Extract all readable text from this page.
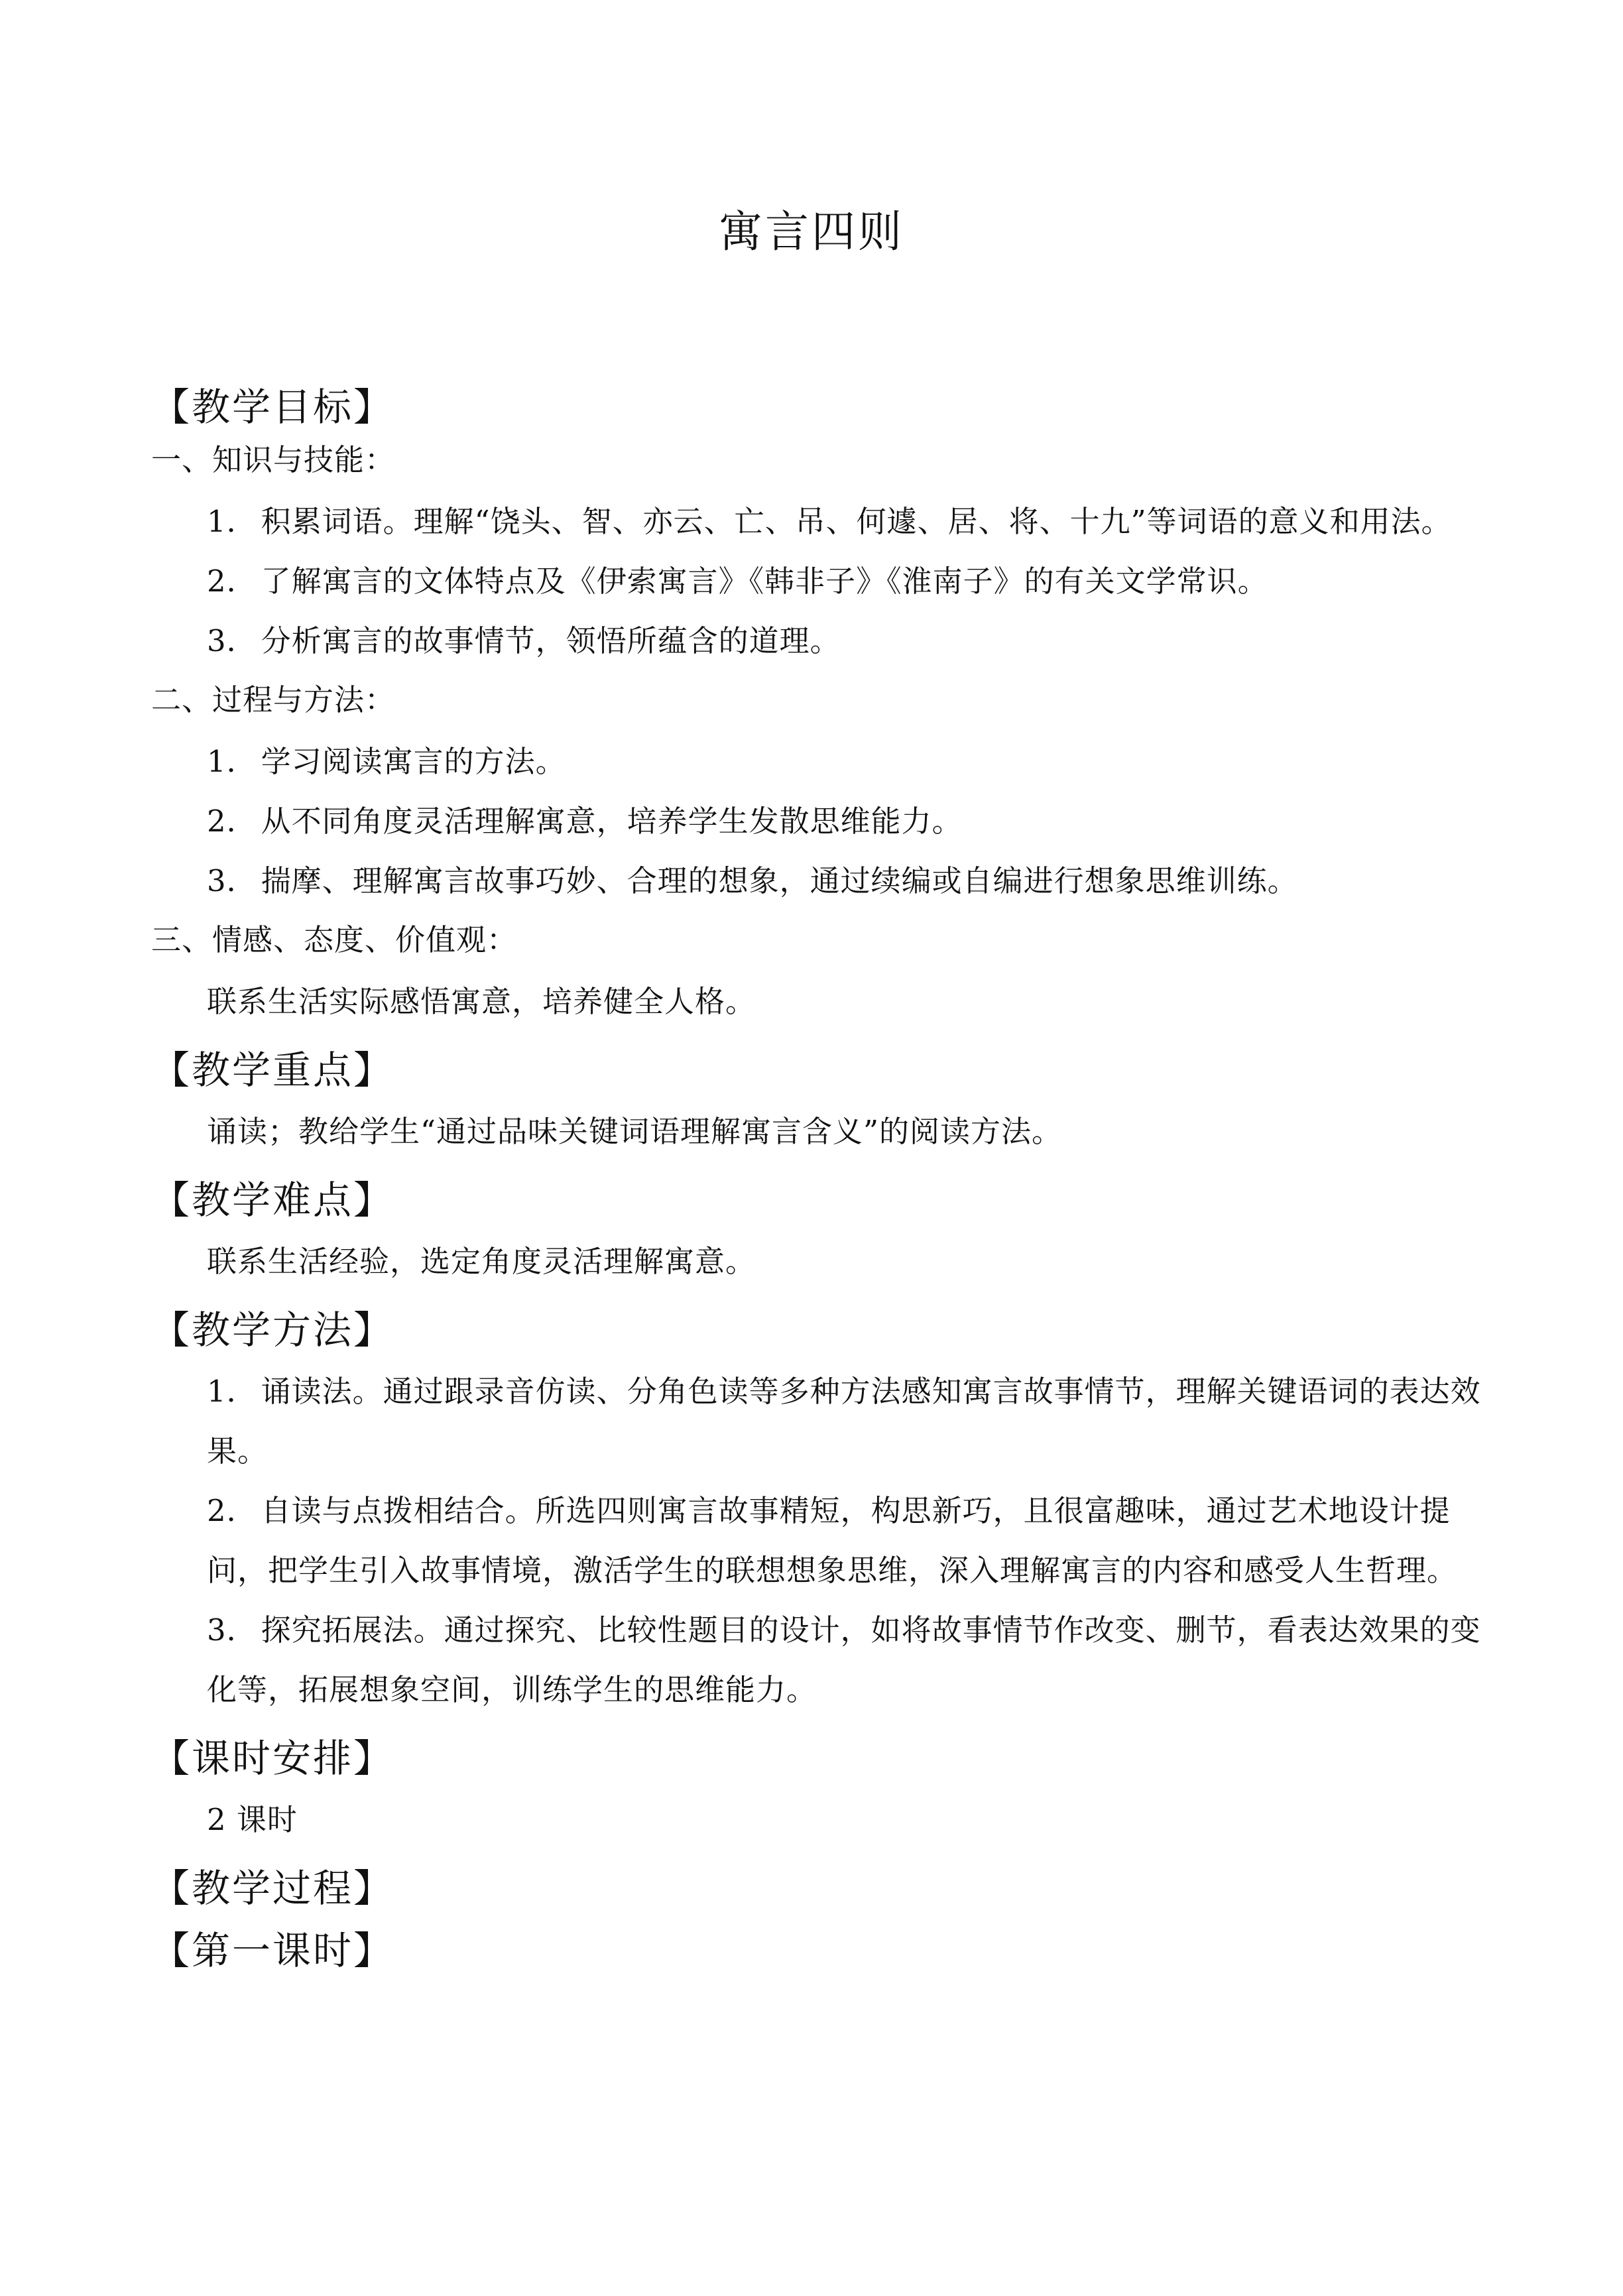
寓言四则
【教学目标】
一、知识与技能：
1． 积累词语。理解“饶头、智、亦云、亡、吊、何遽、居、将、十九”等词语的意义和用法。
2． 了解寓言的文体特点及《伊索寓言》《韩非子》《淮南子》的有关文学常识。
3． 分析寓言的故事情节，领悟所蕴含的道理。
二、过程与方法：
1． 学习阅读寓言的方法。
2． 从不同角度灵活理解寓意，培养学生发散思维能力。
3． 揣摩、理解寓言故事巧妙、合理的想象，通过续编或自编进行想象思维训练。
三、情感、态度、价值观：

联系生活实际感悟寓意，培养健全人格。

【教学重点】

诵读；教给学生“通过品味关键词语理解寓言含义”的阅读方法。

【教学难点】

联系生活经验，选定角度灵活理解寓意。

【教学方法】
1． 诵读法。通过跟录音仿读、分角色读等多种方法感知寓言故事情节，理解关键语词的表达效果。
2． 自读与点拨相结合。所选四则寓言故事精短，构思新巧，且很富趣味，通过艺术地设计提问，把学生引入故事情境，激活学生的联想想象思维，深入理解寓言的内容和感受人生哲理。
3． 探究拓展法。通过探究、比较性题目的设计，如将故事情节作改变、删节，看表达效果的变化等，拓展想象空间，训练学生的思维能力。
【课时安排】

2 课时

【教学过程】
【第一课时】
